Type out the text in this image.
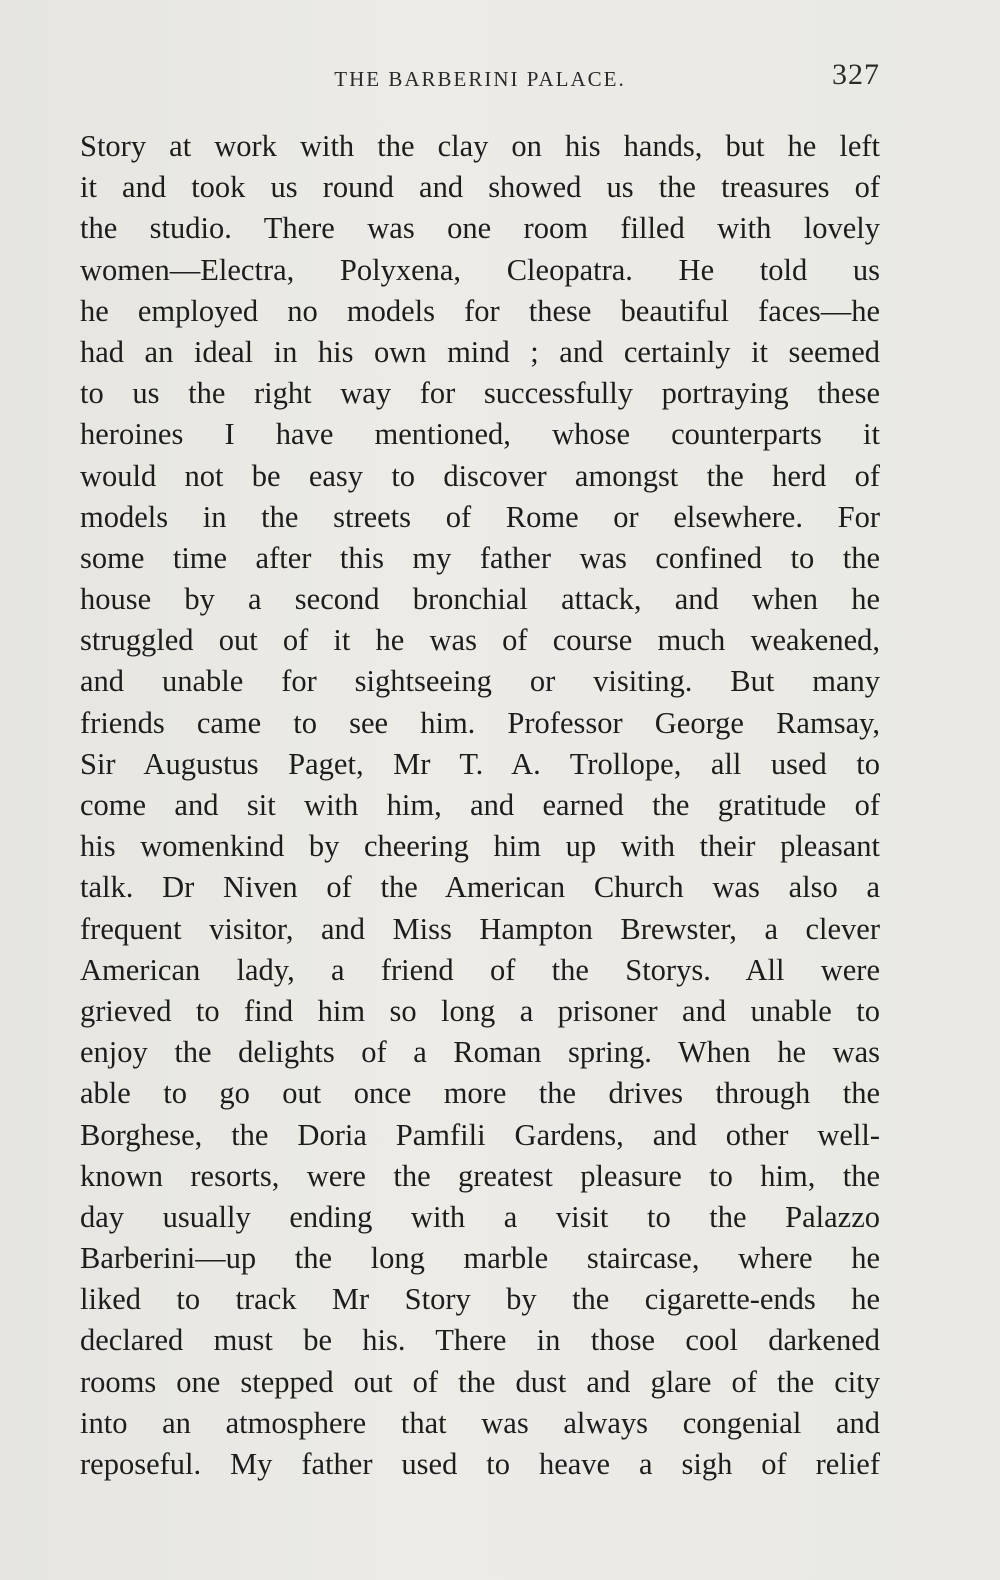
THE BARBERINI PALACE.	327
Story at work with the clay on his hands, but he left
it and took us round and showed us the treasures of
the studio. There was one room filled with lovely
women—Electra, Polyxena, Cleopatra. He told us
he employed no models for these beautiful faces—he
had an ideal in his own mind ; and certainly it seemed
to us the right way for successfully portraying these
heroines I have mentioned, whose counterparts it
would not be easy to discover amongst the herd of
models in the streets of Rome or elsewhere. For
some time after this my father was confined to the
house by a second bronchial attack, and when he
struggled out of it he was of course much weakened,
and unable for sightseeing or visiting. But many
friends came to see him. Professor George Ramsay,
Sir Augustus Paget, Mr T. A. Trollope, all used to
come and sit with him, and earned the gratitude of
his womenkind by cheering him up with their pleasant
talk. Dr Niven of the American Church was also a
frequent visitor, and Miss Hampton Brewster, a clever
American lady, a friend of the Storys. All were
grieved to find him so long a prisoner and unable to
enjoy the delights of a Roman spring. When he was
able to go out once more the drives through the
Borghese, the Doria Pamfili Gardens, and other well-
known resorts, were the greatest pleasure to him, the
day usually ending with a visit to the Palazzo
Barberini—up the long marble staircase, where he
liked to track Mr Story by the cigarette-ends he
declared must be his. There in those cool darkened
rooms one stepped out of the dust and glare of the city
into an atmosphere that was always congenial and
reposeful. My father used to heave a sigh of relief
